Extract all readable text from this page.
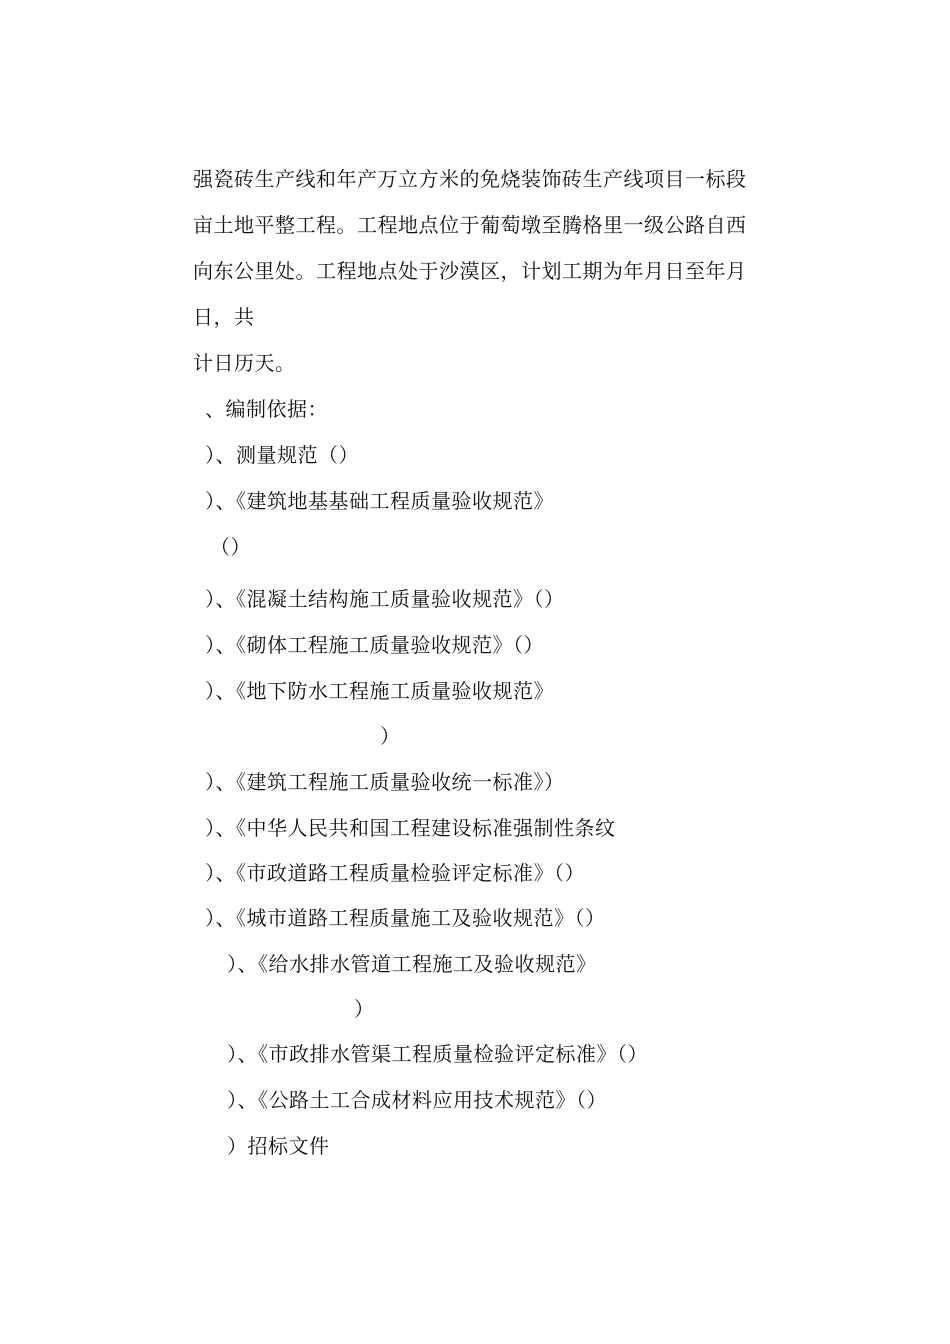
强瓷砖生产线和年产万立方米的免烧装饰砖生产线项目一标段
亩土地平整工程。工程地点位于葡萄墩至腾格里一级公路自西
向东公里处。工程地点处于沙漠区，计划工期为年月日至年月
日，共
计日历天。
、编制依据：
）、测量规范（）
）、《建筑地基基础工程质量验收规范》
（）
）、《混凝土结构施工质量验收规范》（）
）、《砌体工程施工质量验收规范》（）
）、《地下防水工程施工质量验收规范》
）
）、《建筑工程施工质量验收统一标准》）
）、《中华人民共和国工程建设标准强制性条纹
）、《市政道路工程质量检验评定标准》（）
）、《城市道路工程质量施工及验收规范》（）
）、《给水排水管道工程施工及验收规范》
）
）、《市政排水管渠工程质量检验评定标准》（）
）、《公路土工合成材料应用技术规范》（）
）招标文件
